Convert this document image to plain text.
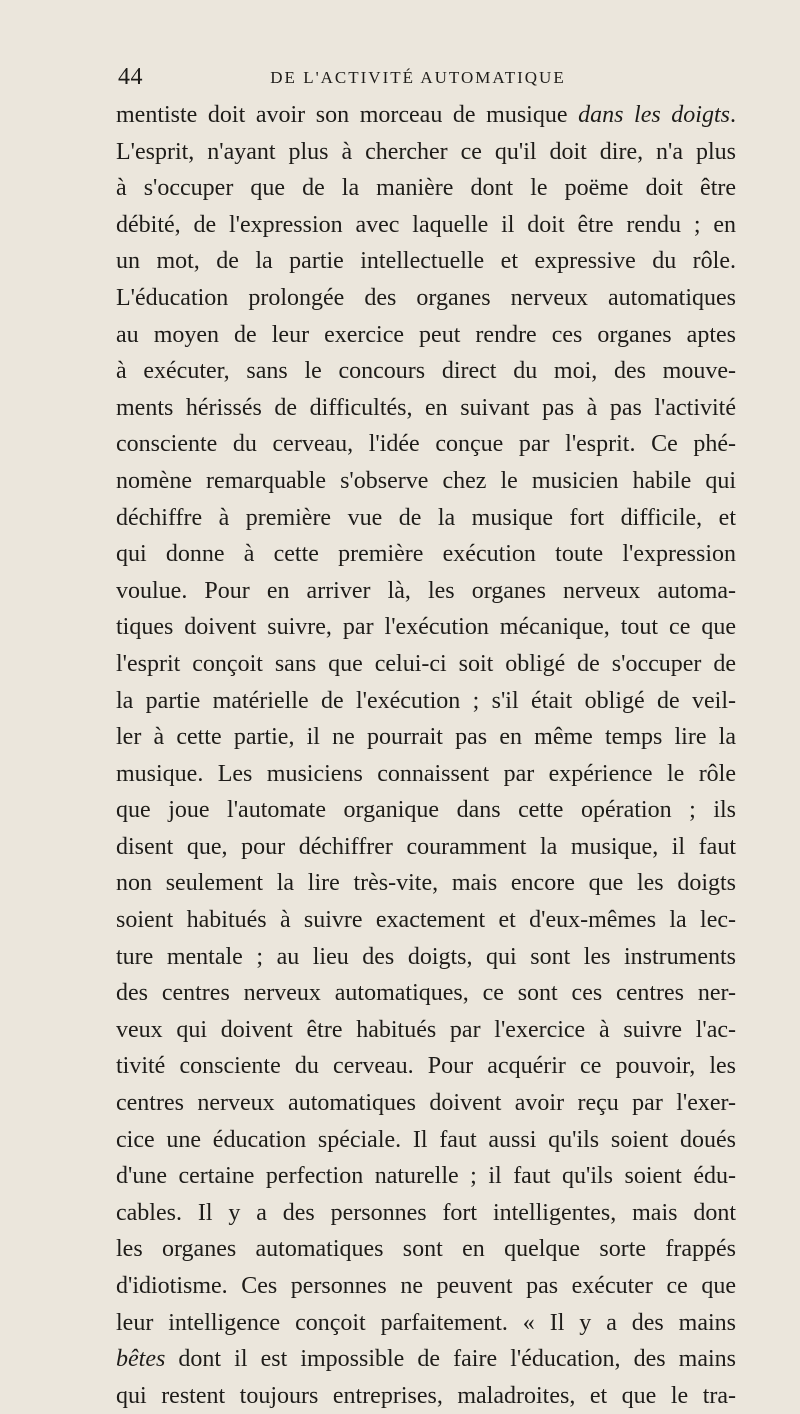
44	DE L'ACTIVITÉ AUTOMATIQUE
mentiste doit avoir son morceau de musique dans les doigts.
L'esprit, n'ayant plus à chercher ce qu'il doit dire, n'a plus
à s'occuper que de la manière dont le poëme doit être
débité, de l'expression avec laquelle il doit être rendu ; en
un mot, de la partie intellectuelle et expressive du rôle.
L'éducation prolongée des organes nerveux automatiques
au moyen de leur exercice peut rendre ces organes aptes
à exécuter, sans le concours direct du moi, des mouve-
ments hérissés de difficultés, en suivant pas à pas l'activité
consciente du cerveau, l'idée conçue par l'esprit. Ce phé-
nomène remarquable s'observe chez le musicien habile qui
déchiffre à première vue de la musique fort difficile, et
qui donne à cette première exécution toute l'expression
voulue. Pour en arriver là, les organes nerveux automa-
tiques doivent suivre, par l'exécution mécanique, tout ce que
l'esprit conçoit sans que celui-ci soit obligé de s'occuper de
la partie matérielle de l'exécution ; s'il était obligé de veil-
ler à cette partie, il ne pourrait pas en même temps lire la
musique. Les musiciens connaissent par expérience le rôle
que joue l'automate organique dans cette opération ; ils
disent que, pour déchiffrer couramment la musique, il faut
non seulement la lire très-vite, mais encore que les doigts
soient habitués à suivre exactement et d'eux-mêmes la lec-
ture mentale ; au lieu des doigts, qui sont les instruments
des centres nerveux automatiques, ce sont ces centres ner-
veux qui doivent être habitués par l'exercice à suivre l'ac-
tivité consciente du cerveau. Pour acquérir ce pouvoir, les
centres nerveux automatiques doivent avoir reçu par l'exer-
cice une éducation spéciale. Il faut aussi qu'ils soient doués
d'une certaine perfection naturelle ; il faut qu'ils soient édu-
cables. Il y a des personnes fort intelligentes, mais dont
les organes automatiques sont en quelque sorte frappés
d'idiotisme. Ces personnes ne peuvent pas exécuter ce que
leur intelligence conçoit parfaitement. « Il y a des mains
bêtes dont il est impossible de faire l'éducation, des mains
qui restent toujours entreprises, maladroites, et que le tra-
